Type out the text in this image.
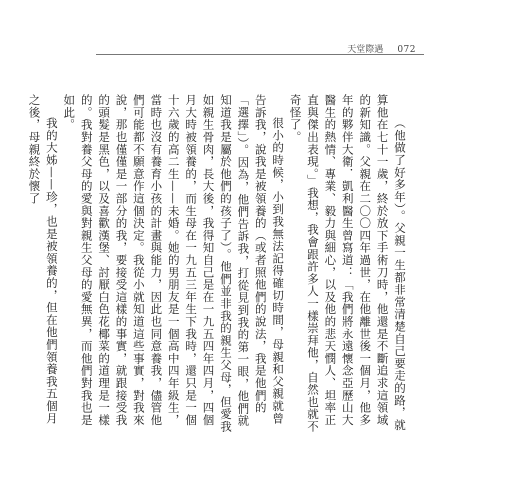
天堂際遇 072

（他做了好多年）。父親一生都非常清楚自己要走的路，就算他在七十一歲，終於放下手術刀時，他還是不斷追求這領域的新知識。父親在二〇〇四年過世，在他離世後一個月，他多年的夥伴大衛．凱利醫生曾寫道：「我們將永遠懷念亞歷山大醫生的熱情、專業、毅力與細心，以及他的悲天憫人、坦率正直與傑出表現。」我想，我會跟許多人一樣崇拜他，自然也就不奇怪了。

很小的時候，小到我無法記得確切時間，母親和父親就曾告訴我，說我是被領養的（或者照他們的說法，我是他們的「選擇」）。因為，他們告訴我，打從見到我的第一眼，他們就知道我是屬於他們的孩子了）。他們並非我的親生父母，但愛我如親生骨肉，長大後，我得知自己是在一九五四年四月，四個月大時被領養的，而生母在一九五三年生下我時，還只是一個十六歲的高二生——未婚。她的男朋友是一個高中四年級生，當時也沒有養育小孩的計畫與能力，因此也同意養我，儘管他們可能都不願意作這個決定。我從小就知道這些事實，對我來說，那也僅僅是一部分的我，要接受這樣的事實，就跟接受我的頭髮是黑色，以及喜歡漢堡、討厭白色花椰菜的道理是一樣的。我對養父母的愛與對親生父母的愛無異，而他們對我也是如此。

我的大姊——珍，也是被領養的，但在他們領養我五個月之後，母親終於懷了
